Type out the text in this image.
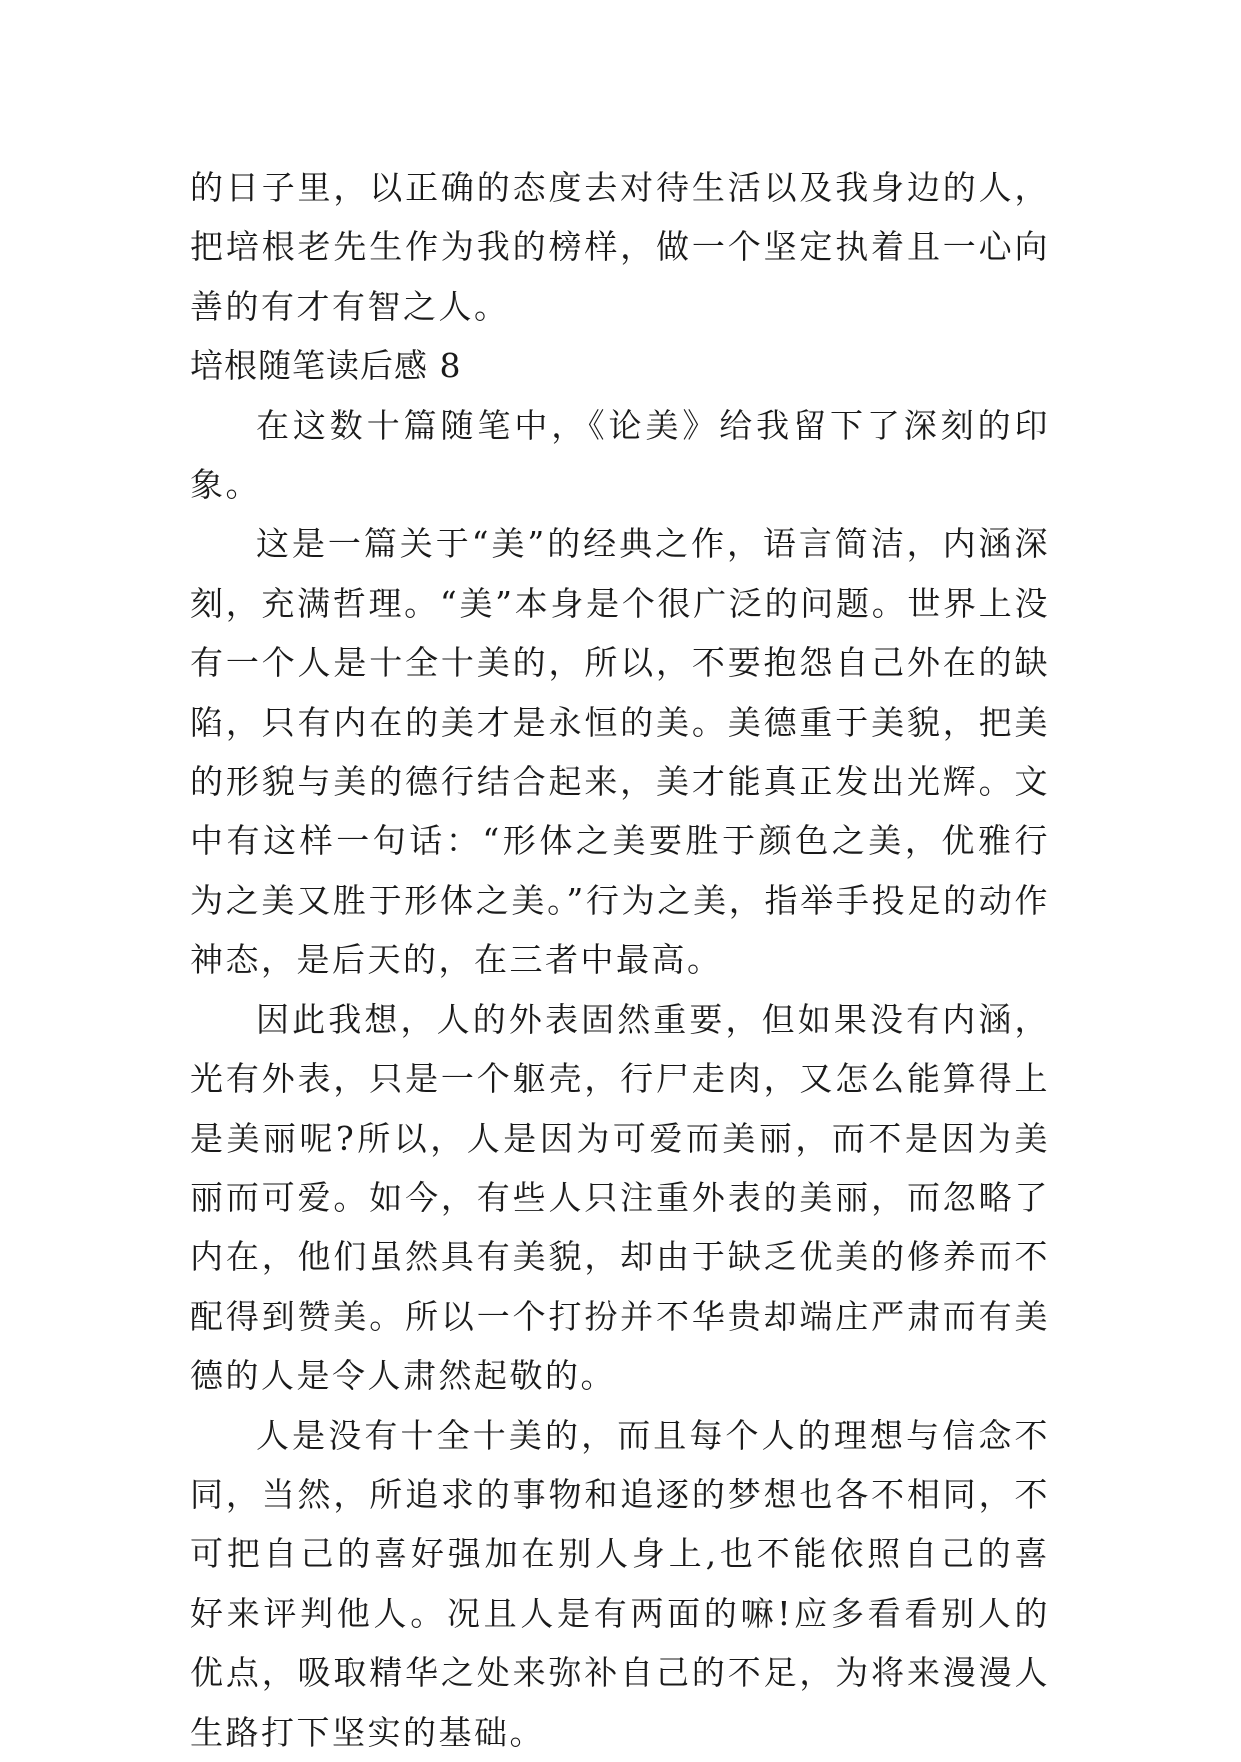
的日子里，以正确的态度去对待生活以及我身边的人，把培根老先生作为我的榜样，做一个坚定执着且一心向善的有才有智之人。

培根随笔读后感 8

在这数十篇随笔中，《论美》给我留下了深刻的印象。

这是一篇关于“美”的经典之作，语言简洁，内涵深刻，充满哲理。“美”本身是个很广泛的问题。世界上没有一个人是十全十美的，所以，不要抱怨自己外在的缺陷，只有内在的美才是永恒的美。美德重于美貌，把美的形貌与美的德行结合起来，美才能真正发出光辉。文中有这样一句话：“形体之美要胜于颜色之美，优雅行为之美又胜于形体之美。”行为之美，指举手投足的动作神态，是后天的，在三者中最高。

因此我想，人的外表固然重要，但如果没有内涵，光有外表，只是一个躯壳，行尸走肉，又怎么能算得上是美丽呢?所以，人是因为可爱而美丽，而不是因为美丽而可爱。如今，有些人只注重外表的美丽，而忽略了内在，他们虽然具有美貌，却由于缺乏优美的修养而不配得到赞美。所以一个打扮并不华贵却端庄严肃而有美德的人是令人肃然起敬的。

人是没有十全十美的，而且每个人的理想与信念不同，当然，所追求的事物和追逐的梦想也各不相同，不可把自己的喜好强加在别人身上,也不能依照自己的喜好来评判他人。况且人是有两面的嘛!应多看看别人的优点，吸取精华之处来弥补自己的不足，为将来漫漫人生路打下坚实的基础。
